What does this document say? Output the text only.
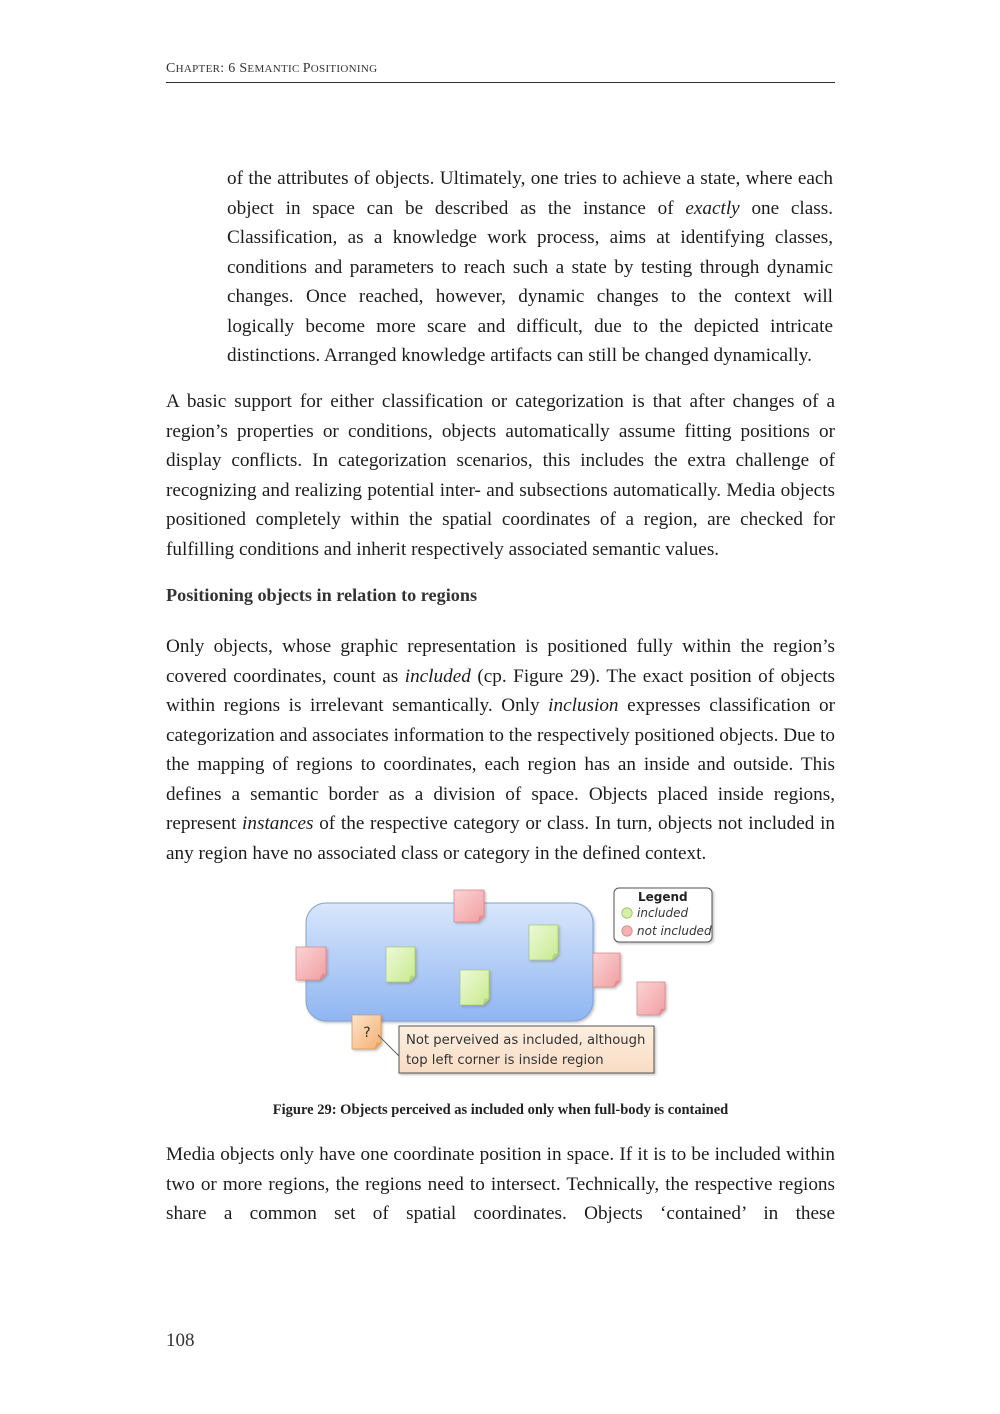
CHAPTER: 6 SEMANTIC POSITIONING

of the attributes of objects. Ultimately, one tries to achieve a state, where each object in space can be described as the instance of exactly one class. Classification, as a knowledge work process, aims at identifying classes, conditions and parameters to reach such a state by testing through dynamic changes. Once reached, however, dynamic changes to the context will logically become more scare and difficult, due to the depicted intricate distinctions. Arranged knowledge artifacts can still be changed dynamically.

A basic support for either classification or categorization is that after changes of a region’s properties or conditions, objects automatically assume fitting positions or display conflicts. In categorization scenarios, this includes the extra challenge of recognizing and realizing potential inter- and subsections automatically. Media objects positioned completely within the spatial coordinates of a region, are checked for fulfilling conditions and inherit respectively associated semantic values.

Positioning objects in relation to regions

Only objects, whose graphic representation is positioned fully within the region’s covered coordinates, count as included (cp. Figure 29). The exact position of objects within regions is irrelevant semantically. Only inclusion expresses classification or categorization and associates information to the respectively positioned objects. Due to the mapping of regions to coordinates, each region has an inside and outside. This defines a semantic border as a division of space. Objects placed inside regions, represent instances of the respective category or class. In turn, objects not included in any region have no associated class or category in the defined context.

?	Not perveived as included, although
top left corner is inside region
Legend
included
not included
Figure 29: Objects perceived as included only when full-body is contained

Media objects only have one coordinate position in space. If it is to be included within two or more regions, the regions need to intersect. Technically, the respective regions share a common set of spatial coordinates. Objects ‘contained’ in these

108
